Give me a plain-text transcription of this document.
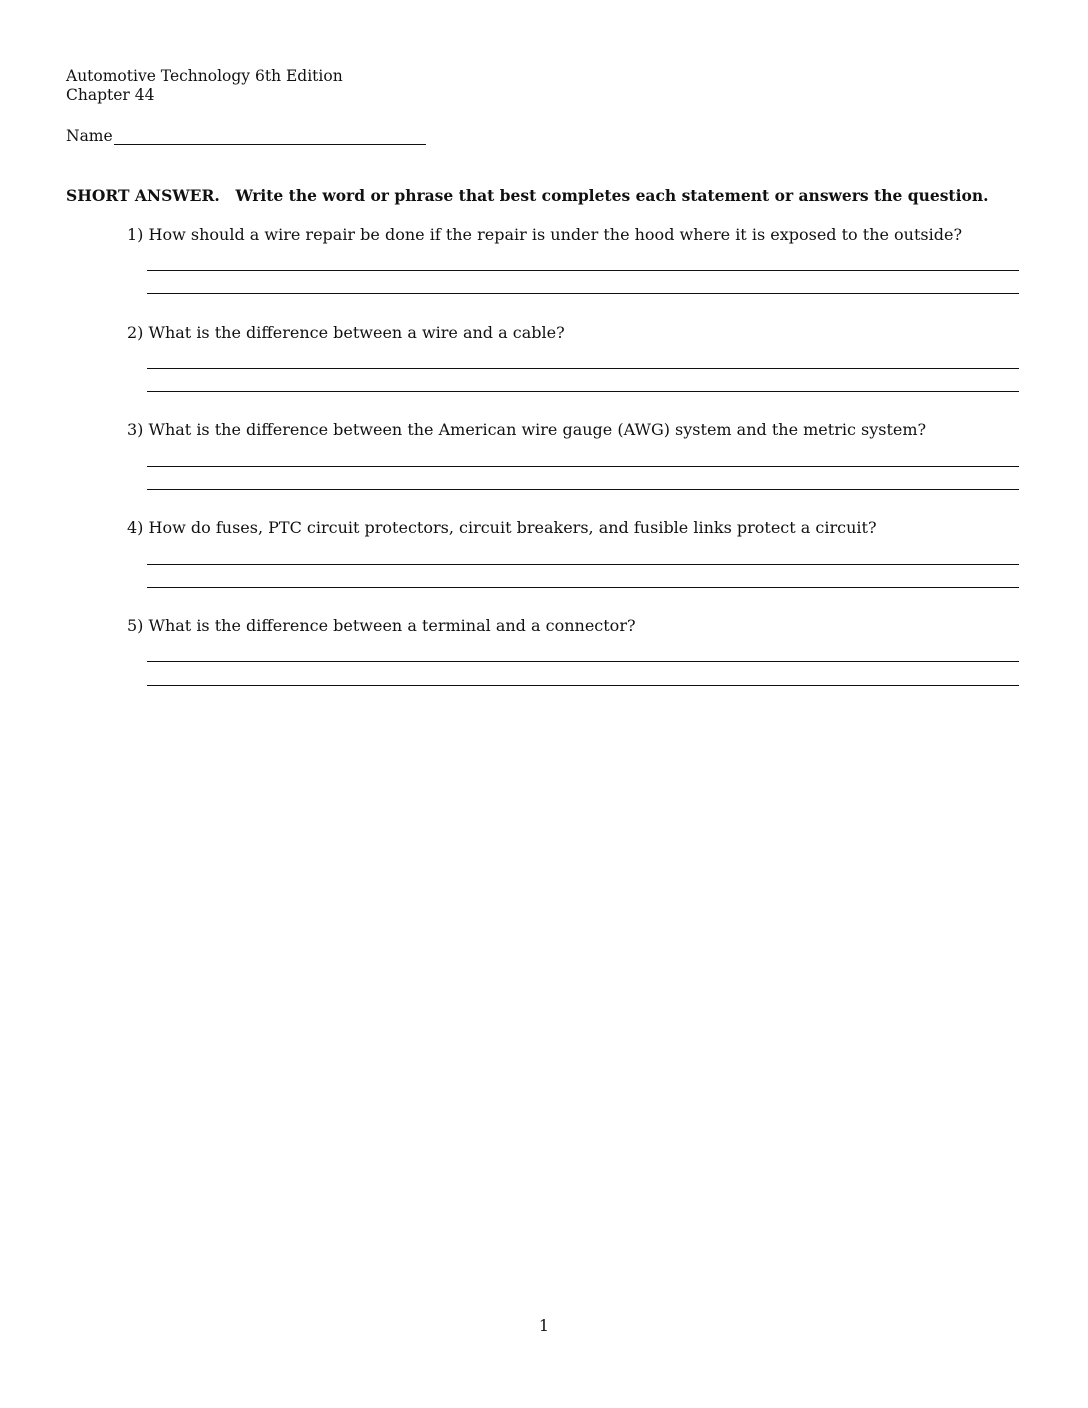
Automotive Technology 6th Edition
Chapter 44
Name
SHORT ANSWER.   Write the word or phrase that best completes each statement or answers the question.
1) How should a wire repair be done if the repair is under the hood where it is exposed to the outside?
2) What is the difference between a wire and a cable?
3) What is the difference between the American wire gauge (AWG) system and the metric system?
4) How do fuses, PTC circuit protectors, circuit breakers, and fusible links protect a circuit?
5) What is the difference between a terminal and a connector?
1
